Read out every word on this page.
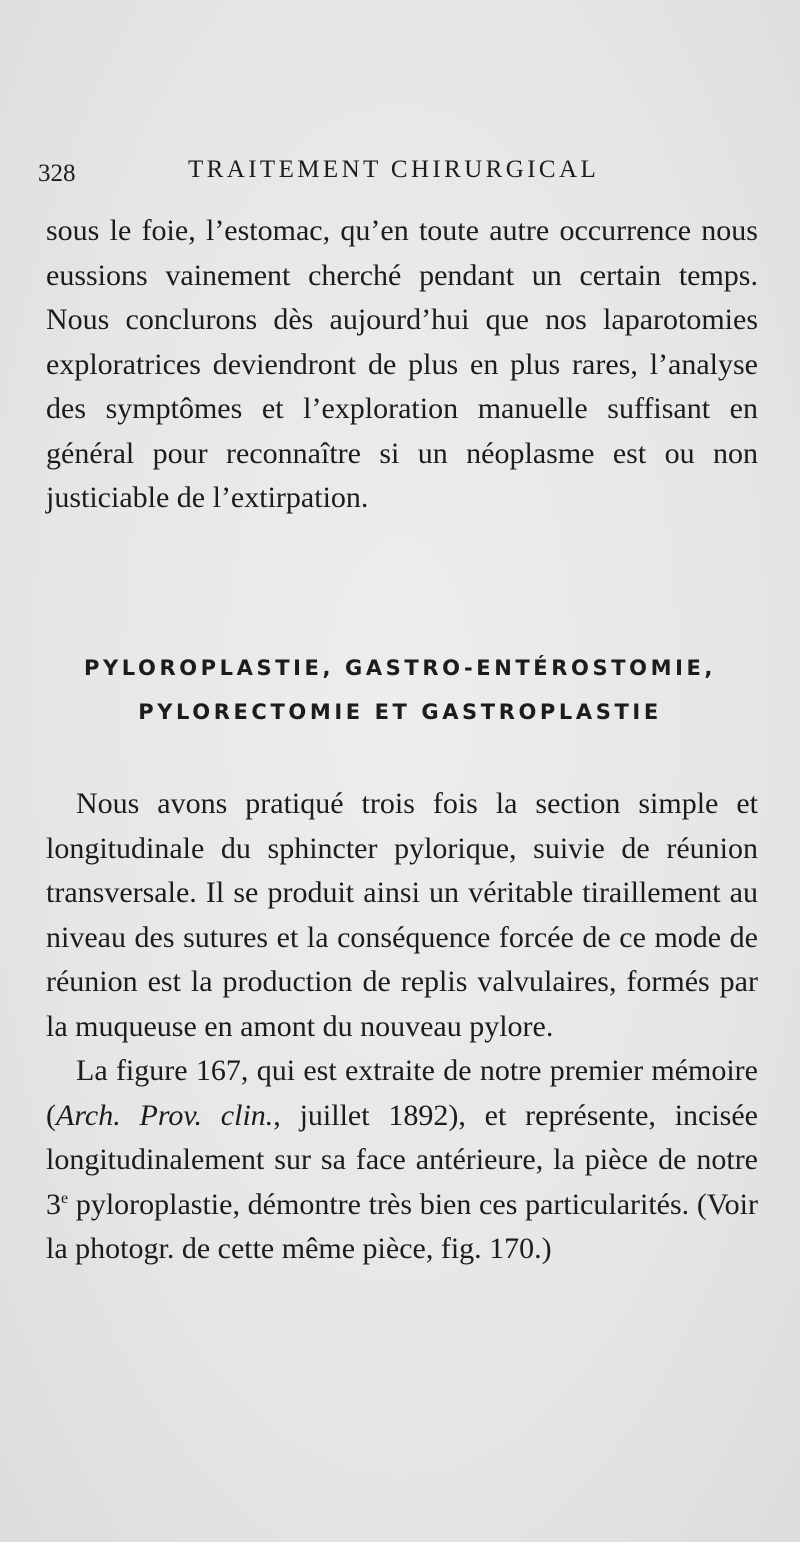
328	TRAITEMENT CHIRURGICAL

sous le foie, l’estomac, qu’en toute autre occurrence nous eussions vainement cherché pendant un certain temps. Nous conclurons dès aujourd’hui que nos laparotomies exploratrices deviendront de plus en plus rares, l’analyse des symptômes et l’exploration manuelle suffisant en général pour reconnaître si un néoplasme est ou non justiciable de l’extirpation.

PYLOROPLASTIE, GASTRO-ENTÉROSTOMIE,
PYLORECTOMIE ET GASTROPLASTIE

Nous avons pratiqué trois fois la section simple et longitudinale du sphincter pylorique, suivie de réunion transversale. Il se produit ainsi un véritable tiraillement au niveau des sutures et la conséquence forcée de ce mode de réunion est la production de replis valvulaires, formés par la muqueuse en amont du nouveau pylore.

La figure 167, qui est extraite de notre premier mémoire (Arch. Prov. clin., juillet 1892), et représente, incisée longitudinalement sur sa face antérieure, la pièce de notre 3e pyloroplastie, démontre très bien ces particularités. (Voir la photogr. de cette même pièce, fig. 170.)
